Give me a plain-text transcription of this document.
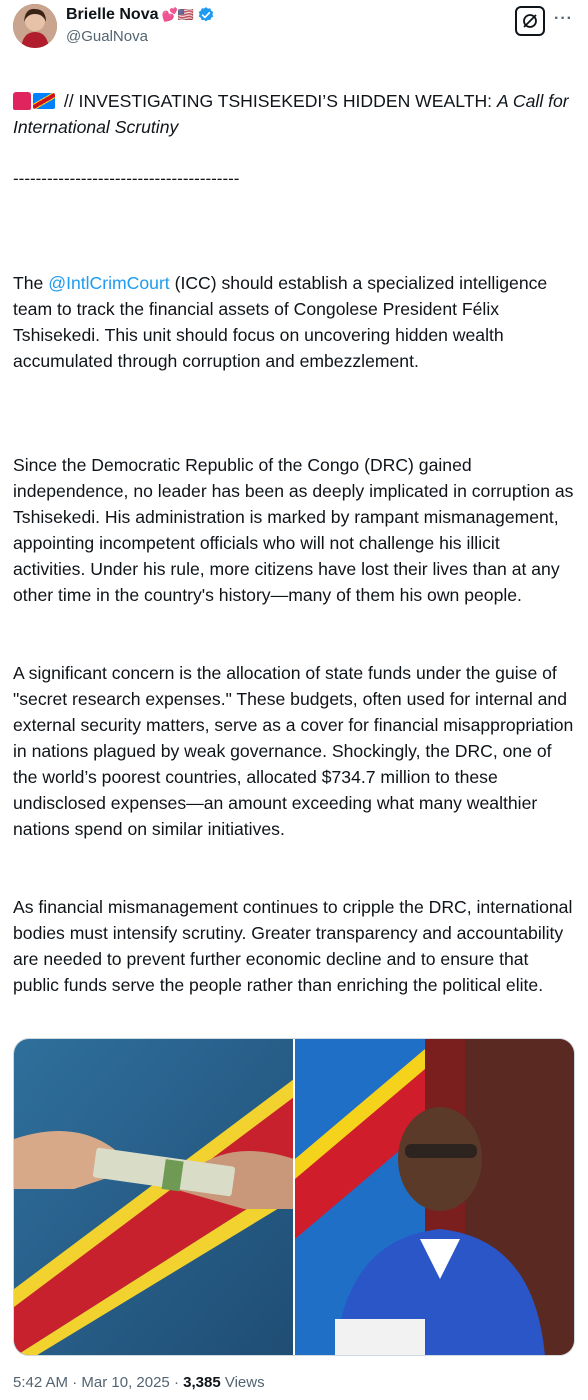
Brielle Nova 💕🇺🇸
@GualNova
···

// INVESTIGATING TSHISEKEDI’S HIDDEN WEALTH: A Call for International Scrutiny

----------------------------------------

The @IntlCrimCourt (ICC) should establish a specialized intelligence team to track the financial assets of Congolese President Félix Tshisekedi. This unit should focus on uncovering hidden wealth accumulated through corruption and embezzlement.

Since the Democratic Republic of the Congo (DRC) gained independence, no leader has been as deeply implicated in corruption as Tshisekedi. His administration is marked by rampant mismanagement, appointing incompetent officials who will not challenge his illicit activities. Under his rule, more citizens have lost their lives than at any other time in the country's history—many of them his own people.

A significant concern is the allocation of state funds under the guise of "secret research expenses." These budgets, often used for internal and external security matters, serve as a cover for financial misappropriation in nations plagued by weak governance. Shockingly, the DRC, one of the world’s poorest countries, allocated $734.7 million to these undisclosed expenses—an amount exceeding what many wealthier nations spend on similar initiatives.

As financial mismanagement continues to cripple the DRC, international bodies must intensify scrutiny. Greater transparency and accountability are needed to prevent further economic decline and to ensure that public funds serve the people rather than enriching the political elite.

5:42 AM · Mar 10, 2025 · 3,385 Views
